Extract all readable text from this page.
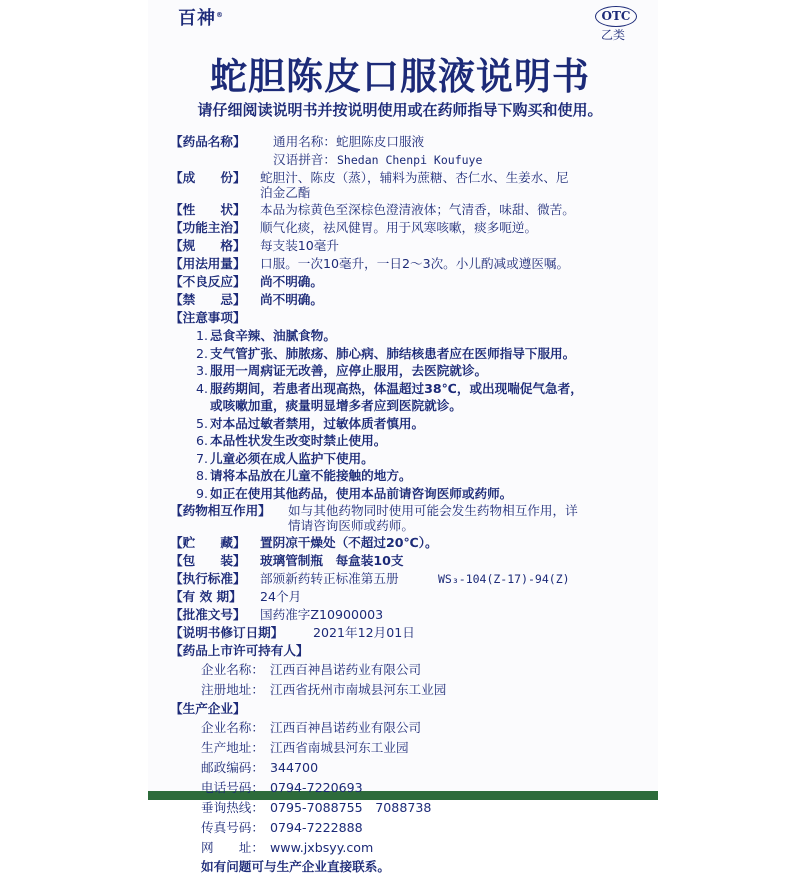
百神®	OTC
乙类
蛇胆陈皮口服液说明书
请仔细阅读说明书并按说明使用或在药师指导下购买和使用。
【药品名称】 通用名称：蛇胆陈皮口服液
汉语拼音： Shedan Chenpi Koufuye
【成　　份】 蛇胆汁、陈皮（蒸），辅料为蔗糖、杏仁水、生姜水、尼
泊金乙酯
【性　　状】 本品为棕黄色至深棕色澄清液体；气清香，味甜、微苦。
【功能主治】 顺气化痰，祛风健胃。用于风寒咳嗽，痰多呃逆。
【规　　格】 每支装10毫升
【用法用量】 口服。一次10毫升，一日2～3次。小儿酌减或遵医嘱。
【不良反应】 尚不明确。
【禁　　忌】 尚不明确。
【注意事项】
1. 忌食辛辣、油腻食物。
2. 支气管扩张、肺脓疡、肺心病、肺结核患者应在医师指导下服用。
3. 服用一周病证无改善，应停止服用，去医院就诊。
4. 服药期间，若患者出现高热，体温超过38℃，或出现喘促气急者，
或咳嗽加重，痰量明显增多者应到医院就诊。
5. 对本品过敏者禁用，过敏体质者慎用。
6. 本品性状发生改变时禁止使用。
7. 儿童必须在成人监护下使用。
8. 请将本品放在儿童不能接触的地方。
9. 如正在使用其他药品，使用本品前请咨询医师或药师。
【药物相互作用】 如与其他药物同时使用可能会发生药物相互作用，详
情请咨询医师或药师。
【贮　　藏】 置阴凉干燥处（不超过20℃）。
【包　　装】 玻璃管制瓶　每盒装10支
【执行标准】 部颁新药转正标准第五册	WS₃-104(Z-17)-94(Z)
【有 效 期】 24个月
【批准文号】 国药准字Z10900003
【说明书修订日期】 2021年12月01日
【药品上市许可持有人】
企业名称： 江西百神昌诺药业有限公司
注册地址： 江西省抚州市南城县河东工业园
【生产企业】
企业名称： 江西百神昌诺药业有限公司
生产地址： 江西省南城县河东工业园
邮政编码： 344700
电话号码： 0794-7220693
垂询热线： 0795-7088755　7088738
传真号码： 0794-7222888
网　　址： www.jxbsyy.com
如有问题可与生产企业直接联系。
